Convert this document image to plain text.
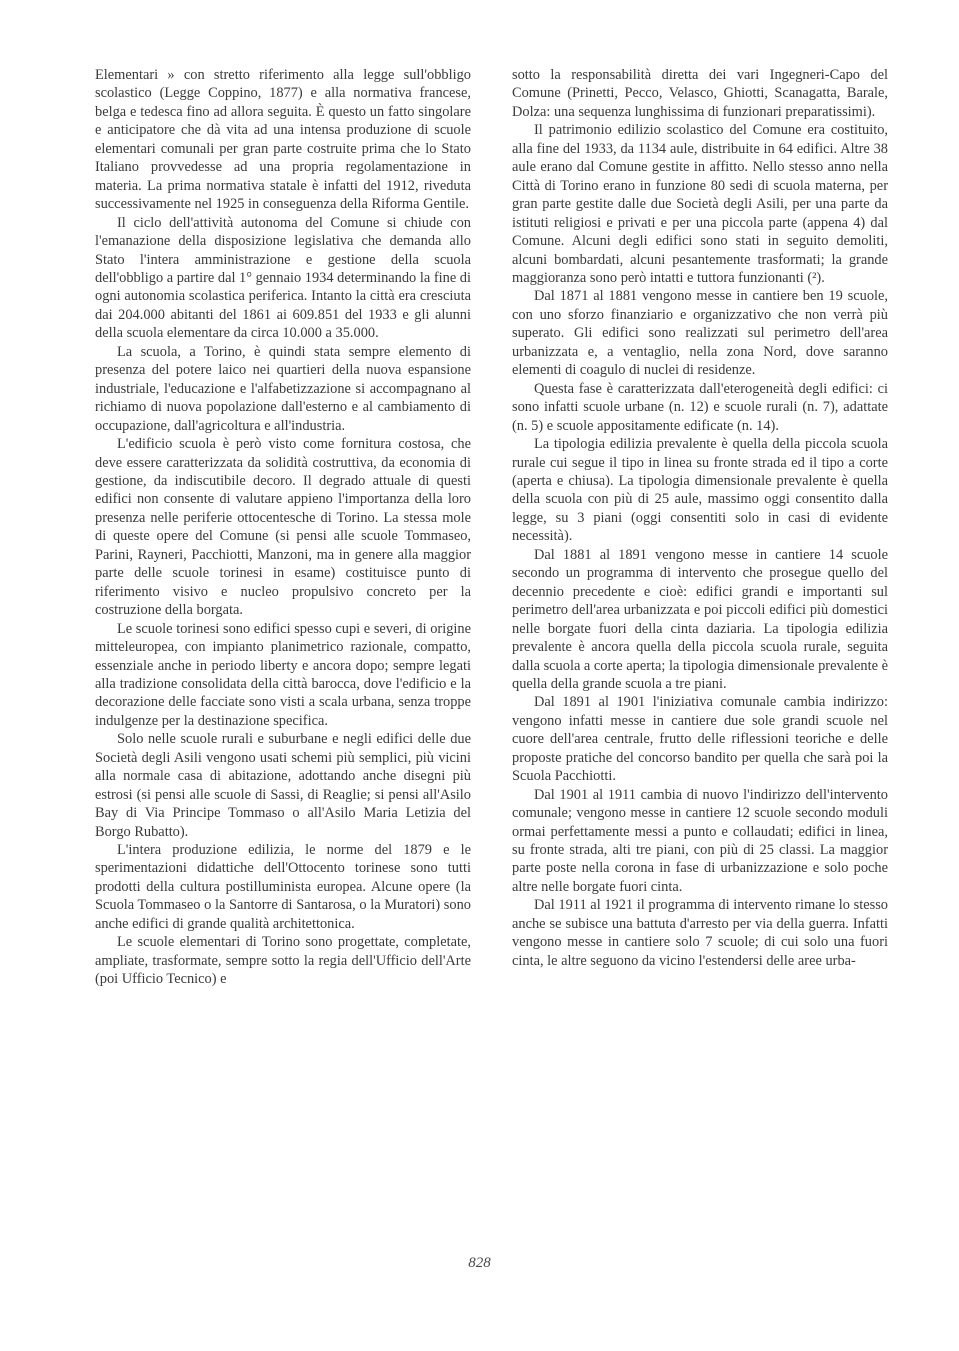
Elementari » con stretto riferimento alla legge sull'obbligo scolastico (Legge Coppino, 1877) e alla normativa francese, belga e tedesca fino ad allora seguita. È questo un fatto singolare e anticipatore che dà vita ad una intensa produzione di scuole elementari comunali per gran parte costruite prima che lo Stato Italiano provvedesse ad una propria regolamentazione in materia. La prima normativa statale è infatti del 1912, riveduta successivamente nel 1925 in conseguenza della Riforma Gentile.

Il ciclo dell'attività autonoma del Comune si chiude con l'emanazione della disposizione legislativa che demanda allo Stato l'intera amministrazione e gestione della scuola dell'obbligo a partire dal 1° gennaio 1934 determinando la fine di ogni autonomia scolastica periferica. Intanto la città era cresciuta dai 204.000 abitanti del 1861 ai 609.851 del 1933 e gli alunni della scuola elementare da circa 10.000 a 35.000.

La scuola, a Torino, è quindi stata sempre elemento di presenza del potere laico nei quartieri della nuova espansione industriale, l'educazione e l'alfabetizzazione si accompagnano al richiamo di nuova popolazione dall'esterno e al cambiamento di occupazione, dall'agricoltura e all'industria.

L'edificio scuola è però visto come fornitura costosa, che deve essere caratterizzata da solidità costruttiva, da economia di gestione, da indiscutibile decoro. Il degrado attuale di questi edifici non consente di valutare appieno l'importanza della loro presenza nelle periferie ottocentesche di Torino. La stessa mole di queste opere del Comune (si pensi alle scuole Tommaseo, Parini, Rayneri, Pacchiotti, Manzoni, ma in genere alla maggior parte delle scuole torinesi in esame) costituisce punto di riferimento visivo e nucleo propulsivo concreto per la costruzione della borgata.

Le scuole torinesi sono edifici spesso cupi e severi, di origine mitteleuropea, con impianto planimetrico razionale, compatto, essenziale anche in periodo liberty e ancora dopo; sempre legati alla tradizione consolidata della città barocca, dove l'edificio e la decorazione delle facciate sono visti a scala urbana, senza troppe indulgenze per la destinazione specifica.

Solo nelle scuole rurali e suburbane e negli edifici delle due Società degli Asili vengono usati schemi più semplici, più vicini alla normale casa di abitazione, adottando anche disegni più estrosi (si pensi alle scuole di Sassi, di Reaglie; si pensi all'Asilo Bay di Via Principe Tommaso o all'Asilo Maria Letizia del Borgo Rubatto).

L'intera produzione edilizia, le norme del 1879 e le sperimentazioni didattiche dell'Ottocento torinese sono tutti prodotti della cultura postilluminista europea. Alcune opere (la Scuola Tommaseo o la Santorre di Santarosa, o la Muratori) sono anche edifici di grande qualità architettonica.

Le scuole elementari di Torino sono progettate, completate, ampliate, trasformate, sempre sotto la regia dell'Ufficio dell'Arte (poi Ufficio Tecnico) e

sotto la responsabilità diretta dei vari Ingegneri-Capo del Comune (Prinetti, Pecco, Velasco, Ghiotti, Scanagatta, Barale, Dolza: una sequenza lunghissima di funzionari preparatissimi).

Il patrimonio edilizio scolastico del Comune era costituito, alla fine del 1933, da 1134 aule, distribuite in 64 edifici. Altre 38 aule erano dal Comune gestite in affitto. Nello stesso anno nella Città di Torino erano in funzione 80 sedi di scuola materna, per gran parte gestite dalle due Società degli Asili, per una parte da istituti religiosi e privati e per una piccola parte (appena 4) dal Comune. Alcuni degli edifici sono stati in seguito demoliti, alcuni bombardati, alcuni pesantemente trasformati; la grande maggioranza sono però intatti e tuttora funzionanti (²).

Dal 1871 al 1881 vengono messe in cantiere ben 19 scuole, con uno sforzo finanziario e organizzativo che non verrà più superato. Gli edifici sono realizzati sul perimetro dell'area urbanizzata e, a ventaglio, nella zona Nord, dove saranno elementi di coagulo di nuclei di residenze.

Questa fase è caratterizzata dall'eterogeneità degli edifici: ci sono infatti scuole urbane (n. 12) e scuole rurali (n. 7), adattate (n. 5) e scuole appositamente edificate (n. 14).

La tipologia edilizia prevalente è quella della piccola scuola rurale cui segue il tipo in linea su fronte strada ed il tipo a corte (aperta e chiusa). La tipologia dimensionale prevalente è quella della scuola con più di 25 aule, massimo oggi consentito dalla legge, su 3 piani (oggi consentiti solo in casi di evidente necessità).

Dal 1881 al 1891 vengono messe in cantiere 14 scuole secondo un programma di intervento che prosegue quello del decennio precedente e cioè: edifici grandi e importanti sul perimetro dell'area urbanizzata e poi piccoli edifici più domestici nelle borgate fuori della cinta daziaria. La tipologia edilizia prevalente è ancora quella della piccola scuola rurale, seguita dalla scuola a corte aperta; la tipologia dimensionale prevalente è quella della grande scuola a tre piani.

Dal 1891 al 1901 l'iniziativa comunale cambia indirizzo: vengono infatti messe in cantiere due sole grandi scuole nel cuore dell'area centrale, frutto delle riflessioni teoriche e delle proposte pratiche del concorso bandito per quella che sarà poi la Scuola Pacchiotti.

Dal 1901 al 1911 cambia di nuovo l'indirizzo dell'intervento comunale; vengono messe in cantiere 12 scuole secondo moduli ormai perfettamente messi a punto e collaudati; edifici in linea, su fronte strada, alti tre piani, con più di 25 classi. La maggior parte poste nella corona in fase di urbanizzazione e solo poche altre nelle borgate fuori cinta.

Dal 1911 al 1921 il programma di intervento rimane lo stesso anche se subisce una battuta d'arresto per via della guerra. Infatti vengono messe in cantiere solo 7 scuole; di cui solo una fuori cinta, le altre seguono da vicino l'estendersi delle aree urba-

828
